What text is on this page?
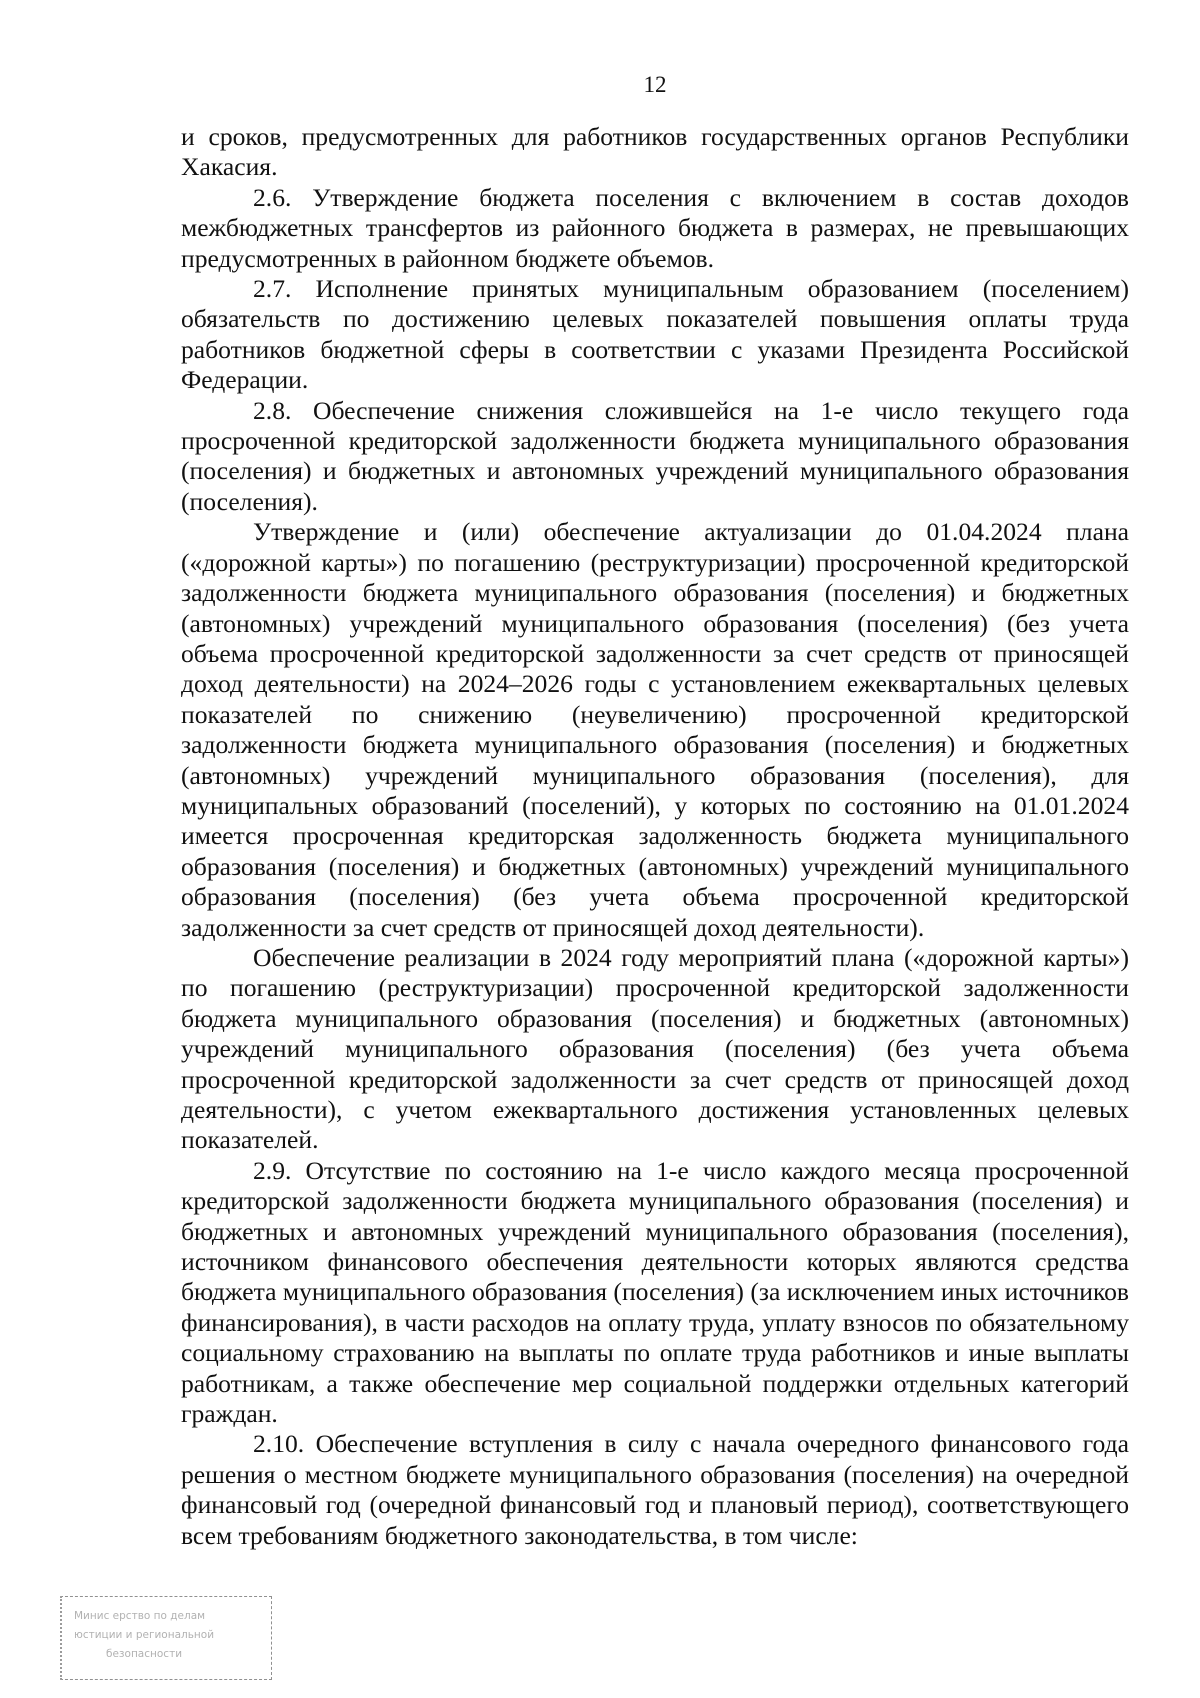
12

и сроков, предусмотренных для работников государственных органов Республики Хакасия.

2.6. Утверждение бюджета поселения с включением в состав доходов межбюджетных трансфертов из районного бюджета в размерах, не превышающих предусмотренных в районном бюджете объемов.

2.7. Исполнение принятых муниципальным образованием (поселением) обязательств по достижению целевых показателей повышения оплаты труда работников бюджетной сферы в соответствии с указами Президента Российской Федерации.

2.8. Обеспечение снижения сложившейся на 1-е число текущего года просроченной кредиторской задолженности бюджета муниципального образования (поселения) и бюджетных и автономных учреждений муниципального образования (поселения).

Утверждение и (или) обеспечение актуализации до 01.04.2024 плана («дорожной карты») по погашению (реструктуризации) просроченной кредиторской задолженности бюджета муниципального образования (поселения) и бюджетных (автономных) учреждений муниципального образования (поселения) (без учета объема просроченной кредиторской задолженности за счет средств от приносящей доход деятельности) на 2024–2026 годы с установлением ежеквартальных целевых показателей по снижению (неувеличению) просроченной кредиторской задолженности бюджета муниципального образования (поселения) и бюджетных (автономных) учреждений муниципального образования (поселения), для муниципальных образований (поселений), у которых по состоянию на 01.01.2024 имеется просроченная кредиторская задолженность бюджета муниципального образования (поселения) и бюджетных (автономных) учреждений муниципального образования (поселения) (без учета объема просроченной кредиторской задолженности за счет средств от приносящей доход деятельности).

Обеспечение реализации в 2024 году мероприятий плана («дорожной карты») по погашению (реструктуризации) просроченной кредиторской задолженности бюджета муниципального образования (поселения) и бюджетных (автономных) учреждений муниципального образования (поселения) (без учета объема просроченной кредиторской задолженности за счет средств от приносящей доход деятельности), с учетом ежеквартального достижения установленных целевых показателей.

2.9. Отсутствие по состоянию на 1-е число каждого месяца просроченной кредиторской задолженности бюджета муниципального образования (поселения) и бюджетных и автономных учреждений муниципального образования (поселения), источником финансового обеспечения деятельности которых являются средства бюджета муниципального образования (поселения) (за исключением иных источников финансирования), в части расходов на оплату труда, уплату взносов по обязательному социальному страхованию на выплаты по оплате труда работников и иные выплаты работникам, а также обеспечение мер социальной поддержки отдельных категорий граждан.

2.10. Обеспечение вступления в силу с начала очередного финансового года решения о местном бюджете муниципального образования (поселения) на очередной финансовый год (очередной финансовый год и плановый период), соответствующего всем требованиям бюджетного законодательства, в том числе:

Минис ерство по делам
юстиции и региональной
безопасности
